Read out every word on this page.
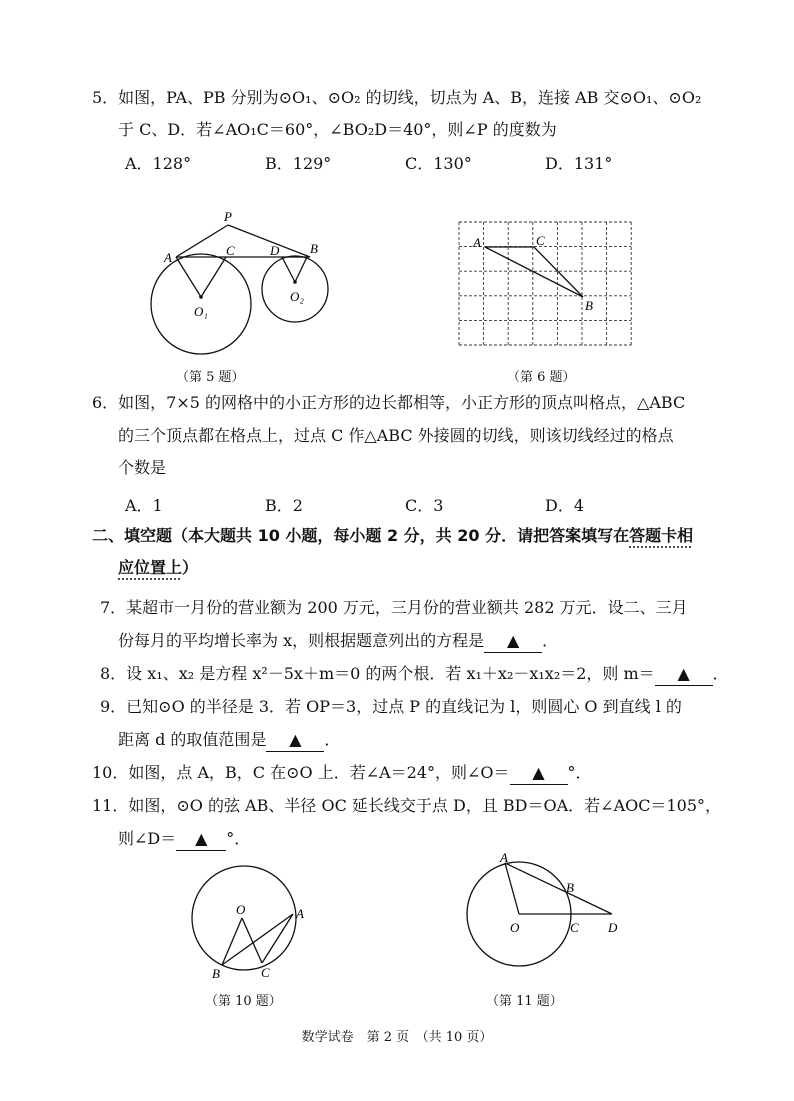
5．如图，PA、PB 分别为⊙O₁、⊙O₂ 的切线，切点为 A、B，连接 AB 交⊙O₁、⊙O₂
于 C、D．若∠AO₁C＝60°，∠BO₂D＝40°，则∠P 的度数为
A．128°	B．129°	C．130°	D．131°
P
A	C	D B
O₁
O₂
（第 5 题）
A	C
B
（第 6 题）
6．如图，7×5 的网格中的小正方形的边长都相等，小正方形的顶点叫格点，△ABC
的三个顶点都在格点上，过点 C 作△ABC 外接圆的切线，则该切线经过的格点
个数是
A．1	B．2	C．3	D．4
二、填空题（本大题共 10 小题，每小题 2 分，共 20 分．请把答案填写在答题卡相
应位置上）
7．某超市一月份的营业额为 200 万元，三月份的营业额共 282 万元．设二、三月
份每月的平均增长率为 x，则根据题意列出的方程是 ▲ ．
8．设 x₁、x₂ 是方程 x²－5x＋m＝0 的两个根．若 x₁＋x₂－x₁x₂＝2，则 m＝ ▲ ．
9．已知⊙O 的半径是 3．若 OP＝3，过点 P 的直线记为 l，则圆心 O 到直线 l 的
距离 d 的取值范围是 ▲ ．
10．如图，点 A，B，C 在⊙O 上．若∠A＝24°，则∠O＝ ▲ °．
11．如图，⊙O 的弦 AB、半径 OC 延长线交于点 D，且 BD＝OA．若∠AOC＝105°，
则∠D＝ ▲ °．
O	A
B	C
（第 10 题）
A
B
O	C D
（第 11 题）
数学试卷　第 2 页　（共 10 页）
